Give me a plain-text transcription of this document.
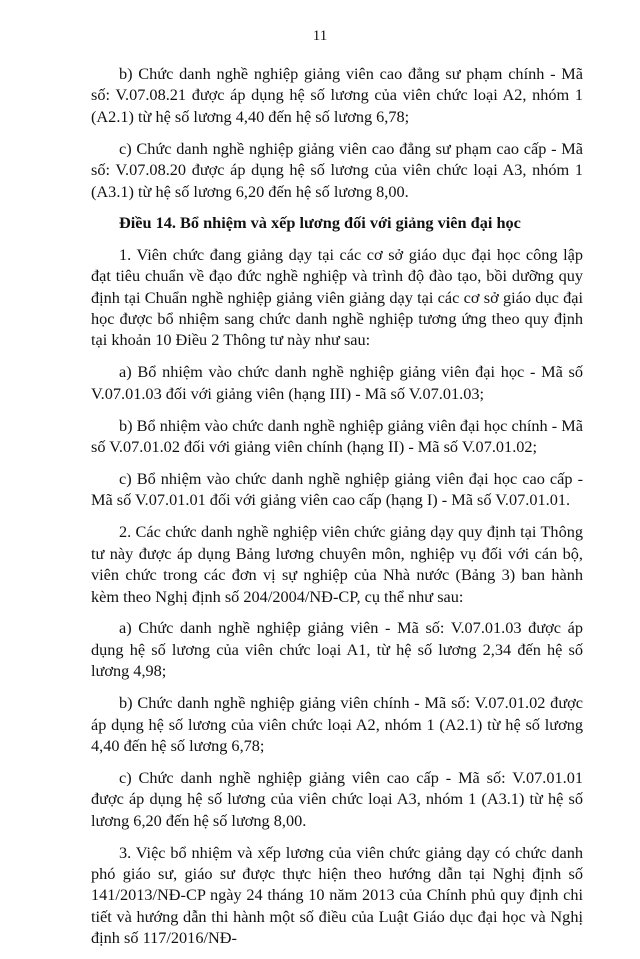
11

b) Chức danh nghề nghiệp giảng viên cao đẳng sư phạm chính - Mã số: V.07.08.21 được áp dụng hệ số lương của viên chức loại A2, nhóm 1 (A2.1) từ hệ số lương 4,40 đến hệ số lương 6,78;

c) Chức danh nghề nghiệp giảng viên cao đẳng sư phạm cao cấp - Mã số: V.07.08.20 được áp dụng hệ số lương của viên chức loại A3, nhóm 1 (A3.1) từ hệ số lương 6,20 đến hệ số lương 8,00.

Điều 14. Bổ nhiệm và xếp lương đối với giảng viên đại học

1. Viên chức đang giảng dạy tại các cơ sở giáo dục đại học công lập đạt tiêu chuẩn về đạo đức nghề nghiệp và trình độ đào tạo, bồi dưỡng quy định tại Chuẩn nghề nghiệp giảng viên giảng dạy tại các cơ sở giáo dục đại học được bổ nhiệm sang chức danh nghề nghiệp tương ứng theo quy định tại khoản 10 Điều 2 Thông tư này như sau:

a) Bổ nhiệm vào chức danh nghề nghiệp giảng viên đại học - Mã số V.07.01.03 đối với giảng viên (hạng III) - Mã số V.07.01.03;

b) Bổ nhiệm vào chức danh nghề nghiệp giảng viên đại học chính - Mã số V.07.01.02 đối với giảng viên chính (hạng II) - Mã số V.07.01.02;

c) Bổ nhiệm vào chức danh nghề nghiệp giảng viên đại học cao cấp - Mã số V.07.01.01 đối với giảng viên cao cấp (hạng I) - Mã số V.07.01.01.

2. Các chức danh nghề nghiệp viên chức giảng dạy quy định tại Thông tư này được áp dụng Bảng lương chuyên môn, nghiệp vụ đối với cán bộ, viên chức trong các đơn vị sự nghiệp của Nhà nước (Bảng 3) ban hành kèm theo Nghị định số 204/2004/NĐ-CP, cụ thể như sau:

a) Chức danh nghề nghiệp giảng viên - Mã số: V.07.01.03 được áp dụng hệ số lương của viên chức loại A1, từ hệ số lương 2,34 đến hệ số lương 4,98;

b) Chức danh nghề nghiệp giảng viên chính - Mã số: V.07.01.02 được áp dụng hệ số lương của viên chức loại A2, nhóm 1 (A2.1) từ hệ số lương 4,40 đến hệ số lương 6,78;

c) Chức danh nghề nghiệp giảng viên cao cấp - Mã số: V.07.01.01 được áp dụng hệ số lương của viên chức loại A3, nhóm 1 (A3.1) từ hệ số lương 6,20 đến hệ số lương 8,00.

3. Việc bổ nhiệm và xếp lương của viên chức giảng dạy có chức danh phó giáo sư, giáo sư được thực hiện theo hướng dẫn tại Nghị định số 141/2013/NĐ-CP ngày 24 tháng 10 năm 2013 của Chính phủ quy định chi tiết và hướng dẫn thi hành một số điều của Luật Giáo dục đại học và Nghị định số 117/2016/NĐ-
